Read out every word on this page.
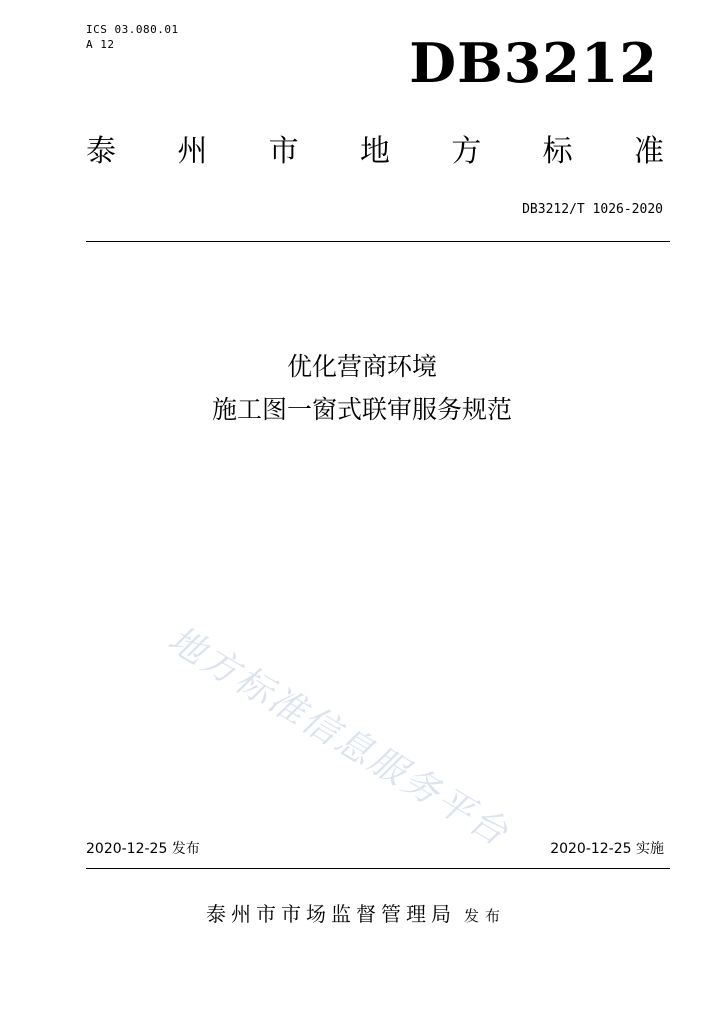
ICS 03.080.01
A 12	DB3212
泰 州 市 地 方 标 准
DB3212/T 1026-2020
优化营商环境
施工图一窗式联审服务规范
地方标准信息服务平台
2020-12-25 发布	2020-12-25 实施
泰州市市场监督管理局 发布
